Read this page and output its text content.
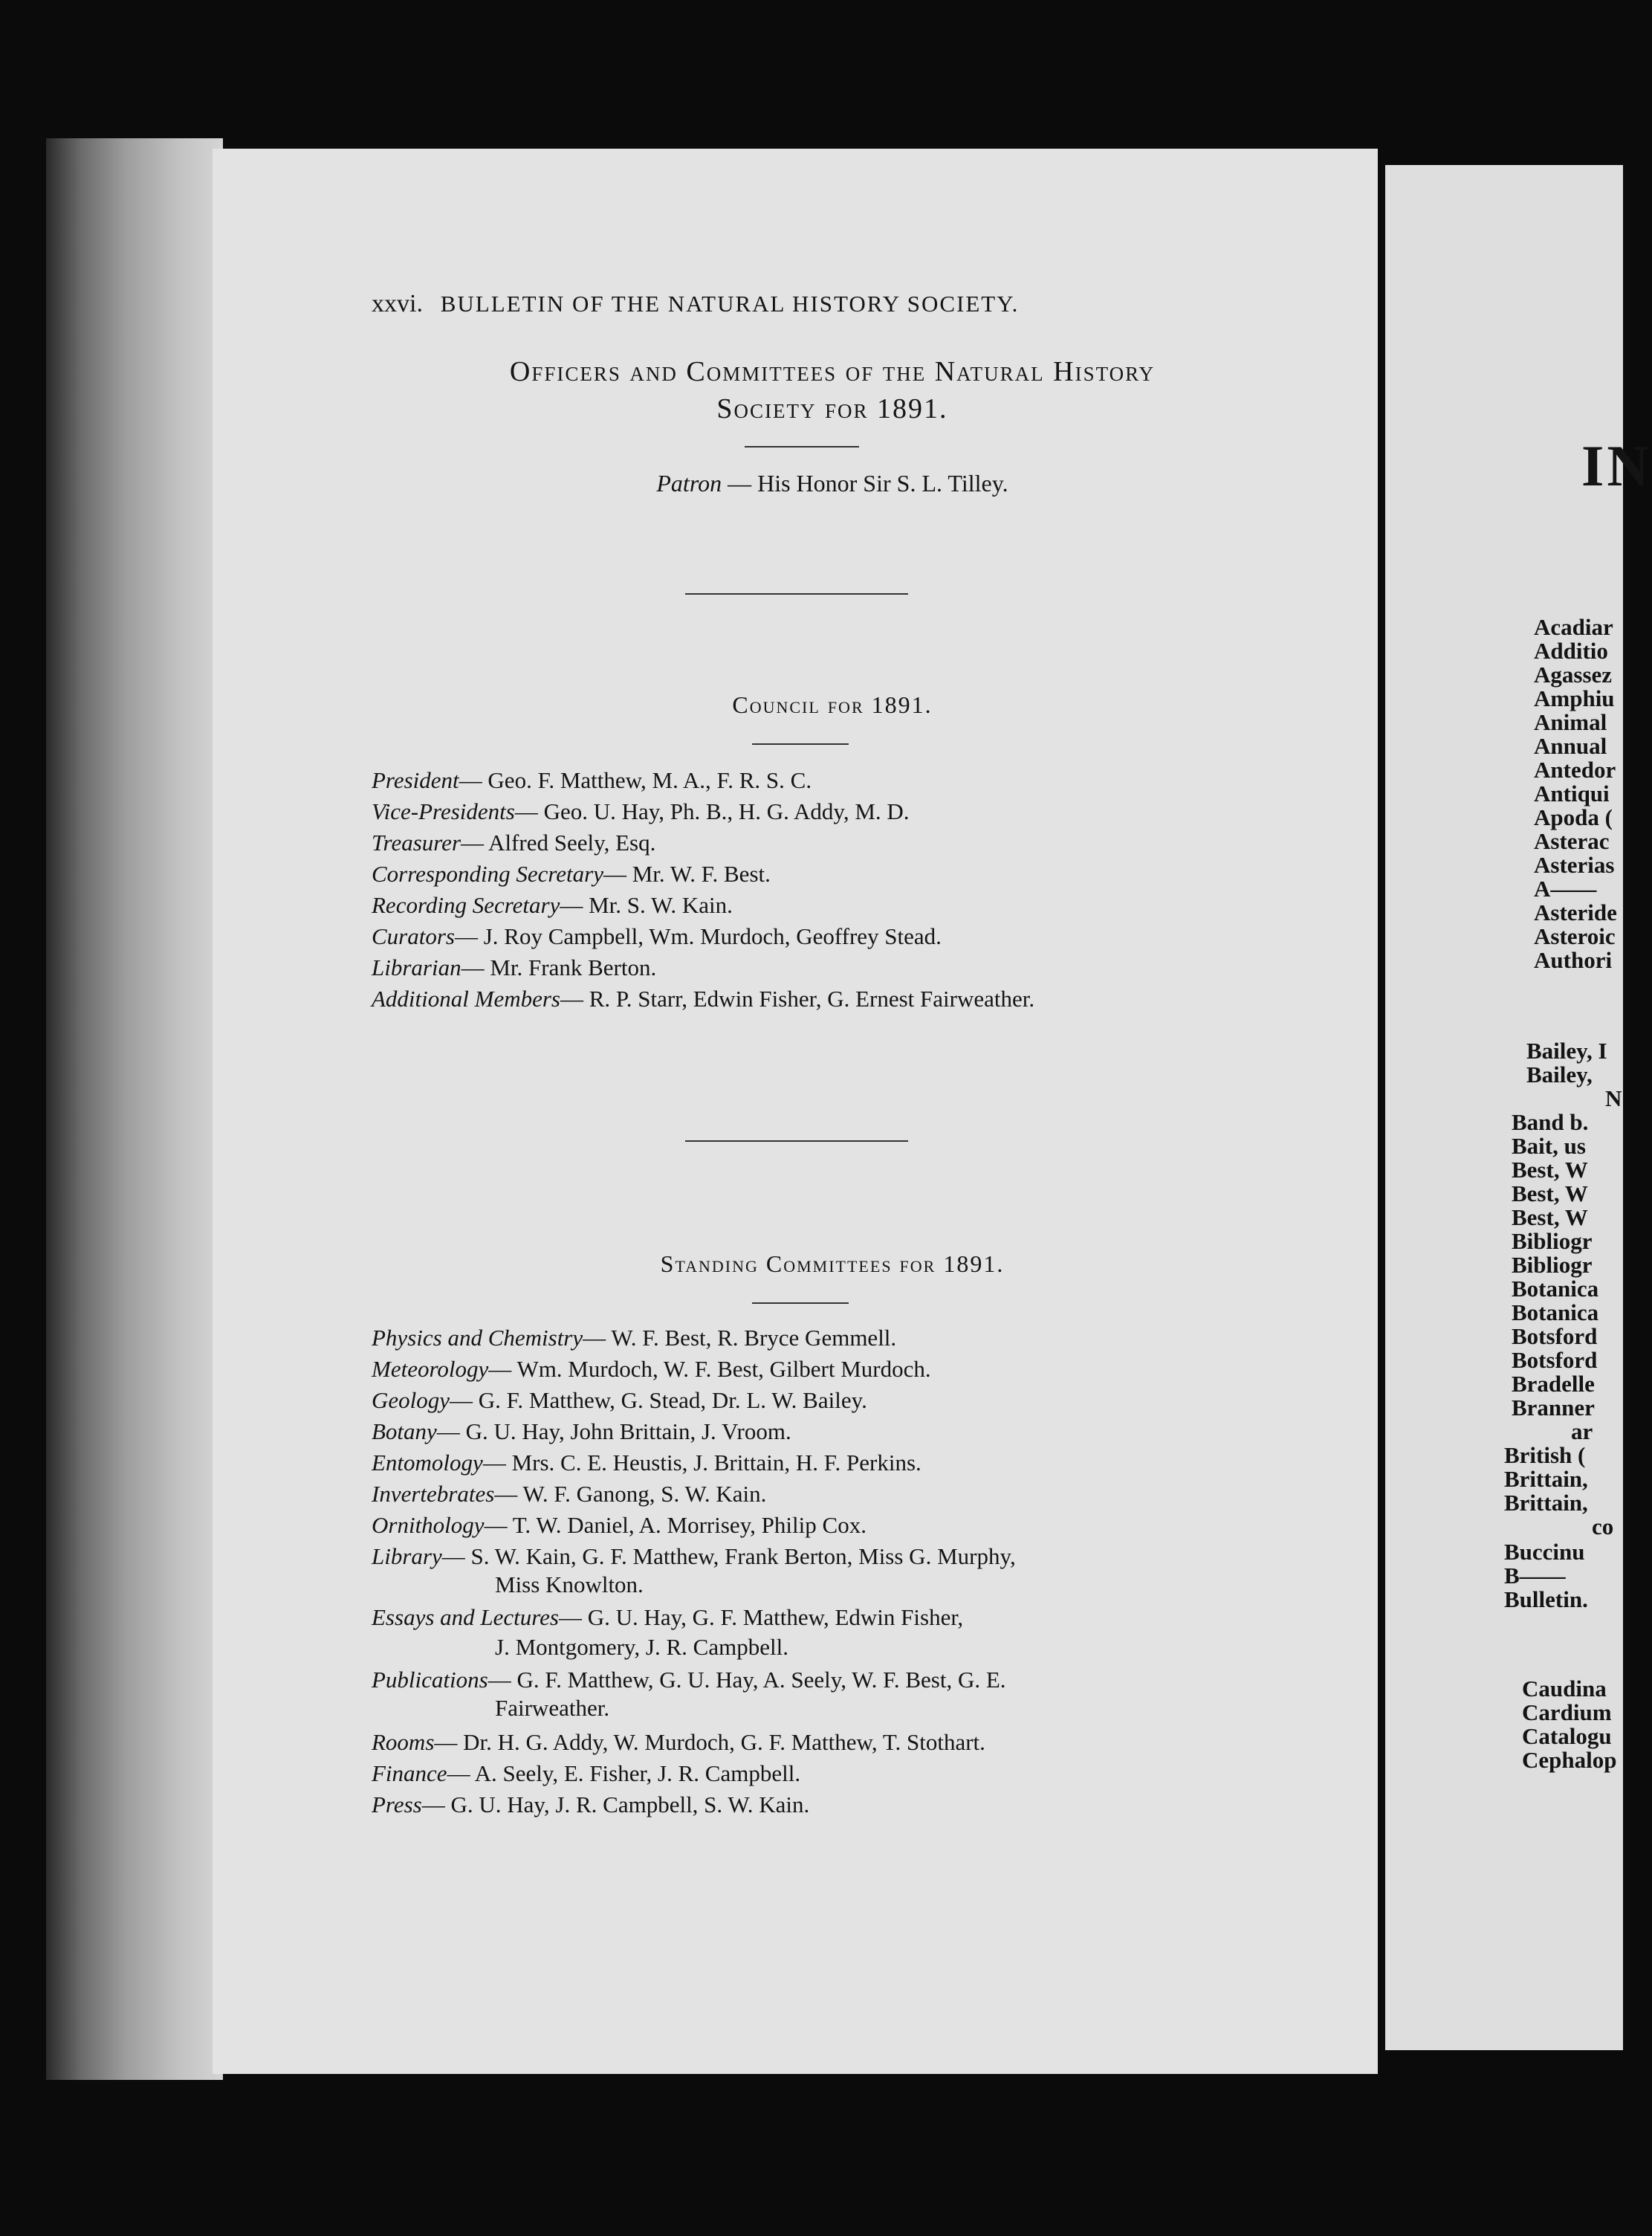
xxvi. BULLETIN OF THE NATURAL HISTORY SOCIETY.
Officers and Committees of the Natural History
Society for 1891.
Patron — His Honor Sir S. L. Tilley.
Council for 1891.
President— Geo. F. Matthew, M. A., F. R. S. C.
Vice-Presidents— Geo. U. Hay, Ph. B., H. G. Addy, M. D.
Treasurer— Alfred Seely, Esq.
Corresponding Secretary— Mr. W. F. Best.
Recording Secretary— Mr. S. W. Kain.
Curators— J. Roy Campbell, Wm. Murdoch, Geoffrey Stead.
Librarian— Mr. Frank Berton.
Additional Members— R. P. Starr, Edwin Fisher, G. Ernest Fairweather.
Standing Committees for 1891.
Physics and Chemistry— W. F. Best, R. Bryce Gemmell.
Meteorology— Wm. Murdoch, W. F. Best, Gilbert Murdoch.
Geology— G. F. Matthew, G. Stead, Dr. L. W. Bailey.
Botany— G. U. Hay, John Brittain, J. Vroom.
Entomology— Mrs. C. E. Heustis, J. Brittain, H. F. Perkins.
Invertebrates— W. F. Ganong, S. W. Kain.
Ornithology— T. W. Daniel, A. Morrisey, Philip Cox.
Library— S. W. Kain, G. F. Matthew, Frank Berton, Miss G. Murphy,
Miss Knowlton.
Essays and Lectures— G. U. Hay, G. F. Matthew, Edwin Fisher,
J. Montgomery, J. R. Campbell.
Publications— G. F. Matthew, G. U. Hay, A. Seely, W. F. Best, G. E.
Fairweather.
Rooms— Dr. H. G. Addy, W. Murdoch, G. F. Matthew, T. Stothart.
Finance— A. Seely, E. Fisher, J. R. Campbell.
Press— G. U. Hay, J. R. Campbell, S. W. Kain.
IN
Acadiar
Additio
Agassez
Amphiu
Animal
Annual
Antedor
Antiqui
Apoda (
Asterac
Asterias
A——
Asteride
Asteroic
Authori
Bailey, I
Bailey,
N
Band b.
Bait, us
Best, W
Best, W
Best, W
Bibliogr
Bibliogr
Botanica
Botanica
Botsford
Botsford
Bradelle
Branner
ar
British (
Brittain,
Brittain,
co
Buccinu
B——
Bulletin.
Caudina
Cardium
Catalogu
Cephalop
